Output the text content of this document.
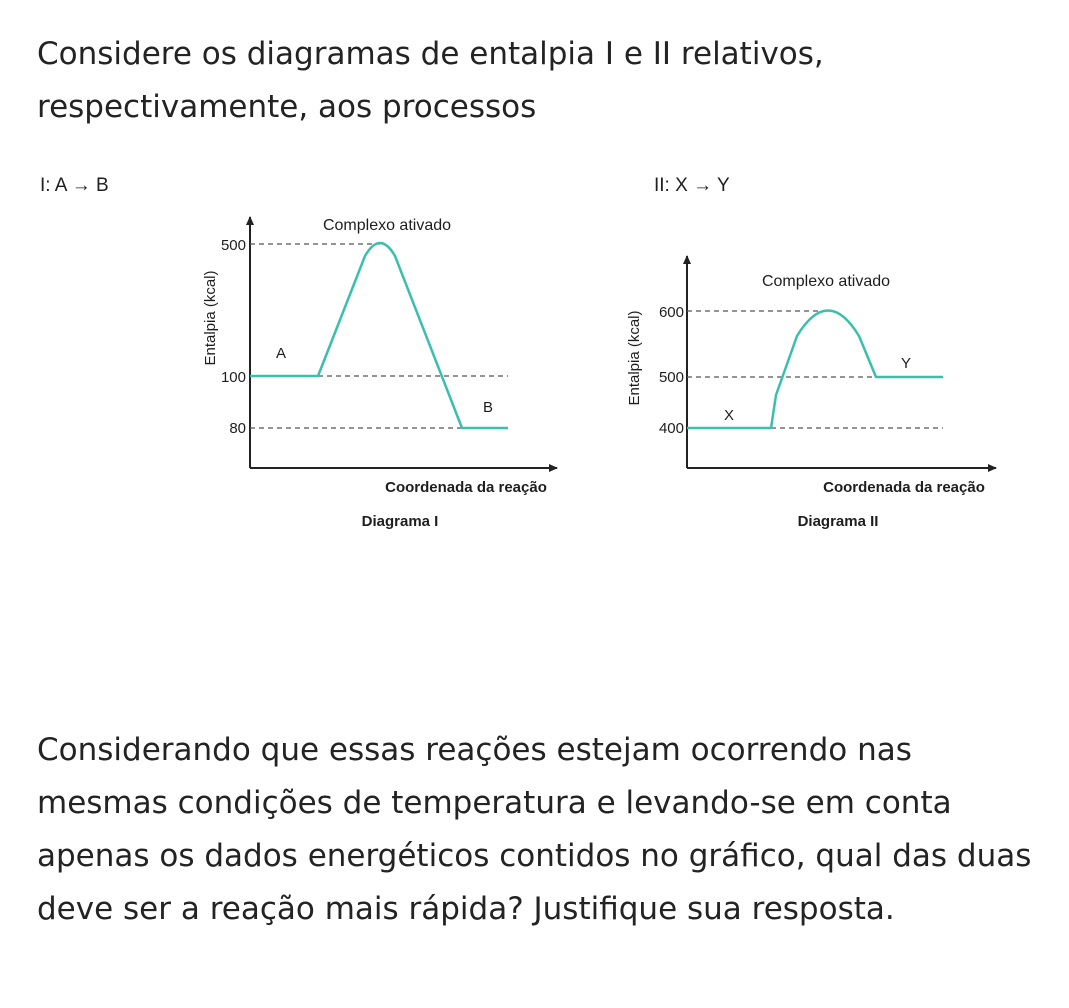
Considere os diagramas de entalpia I e II relativos, respectivamente, aos processos

I: A → B
Entalpia (kcal)
Coordenada da reação
Diagrama I
500
100
80
Complexo ativado
A
B
II: X → Y
Entalpia (kcal)
Coordenada da reação
Diagrama II
600
500
400
Complexo ativado
X
Y

Considerando que essas reações estejam ocorrendo nas mesmas condições de temperatura e levando-se em conta apenas os dados energéticos contidos no gráfico, qual das duas deve ser a reação mais rápida? Justifique sua resposta.
